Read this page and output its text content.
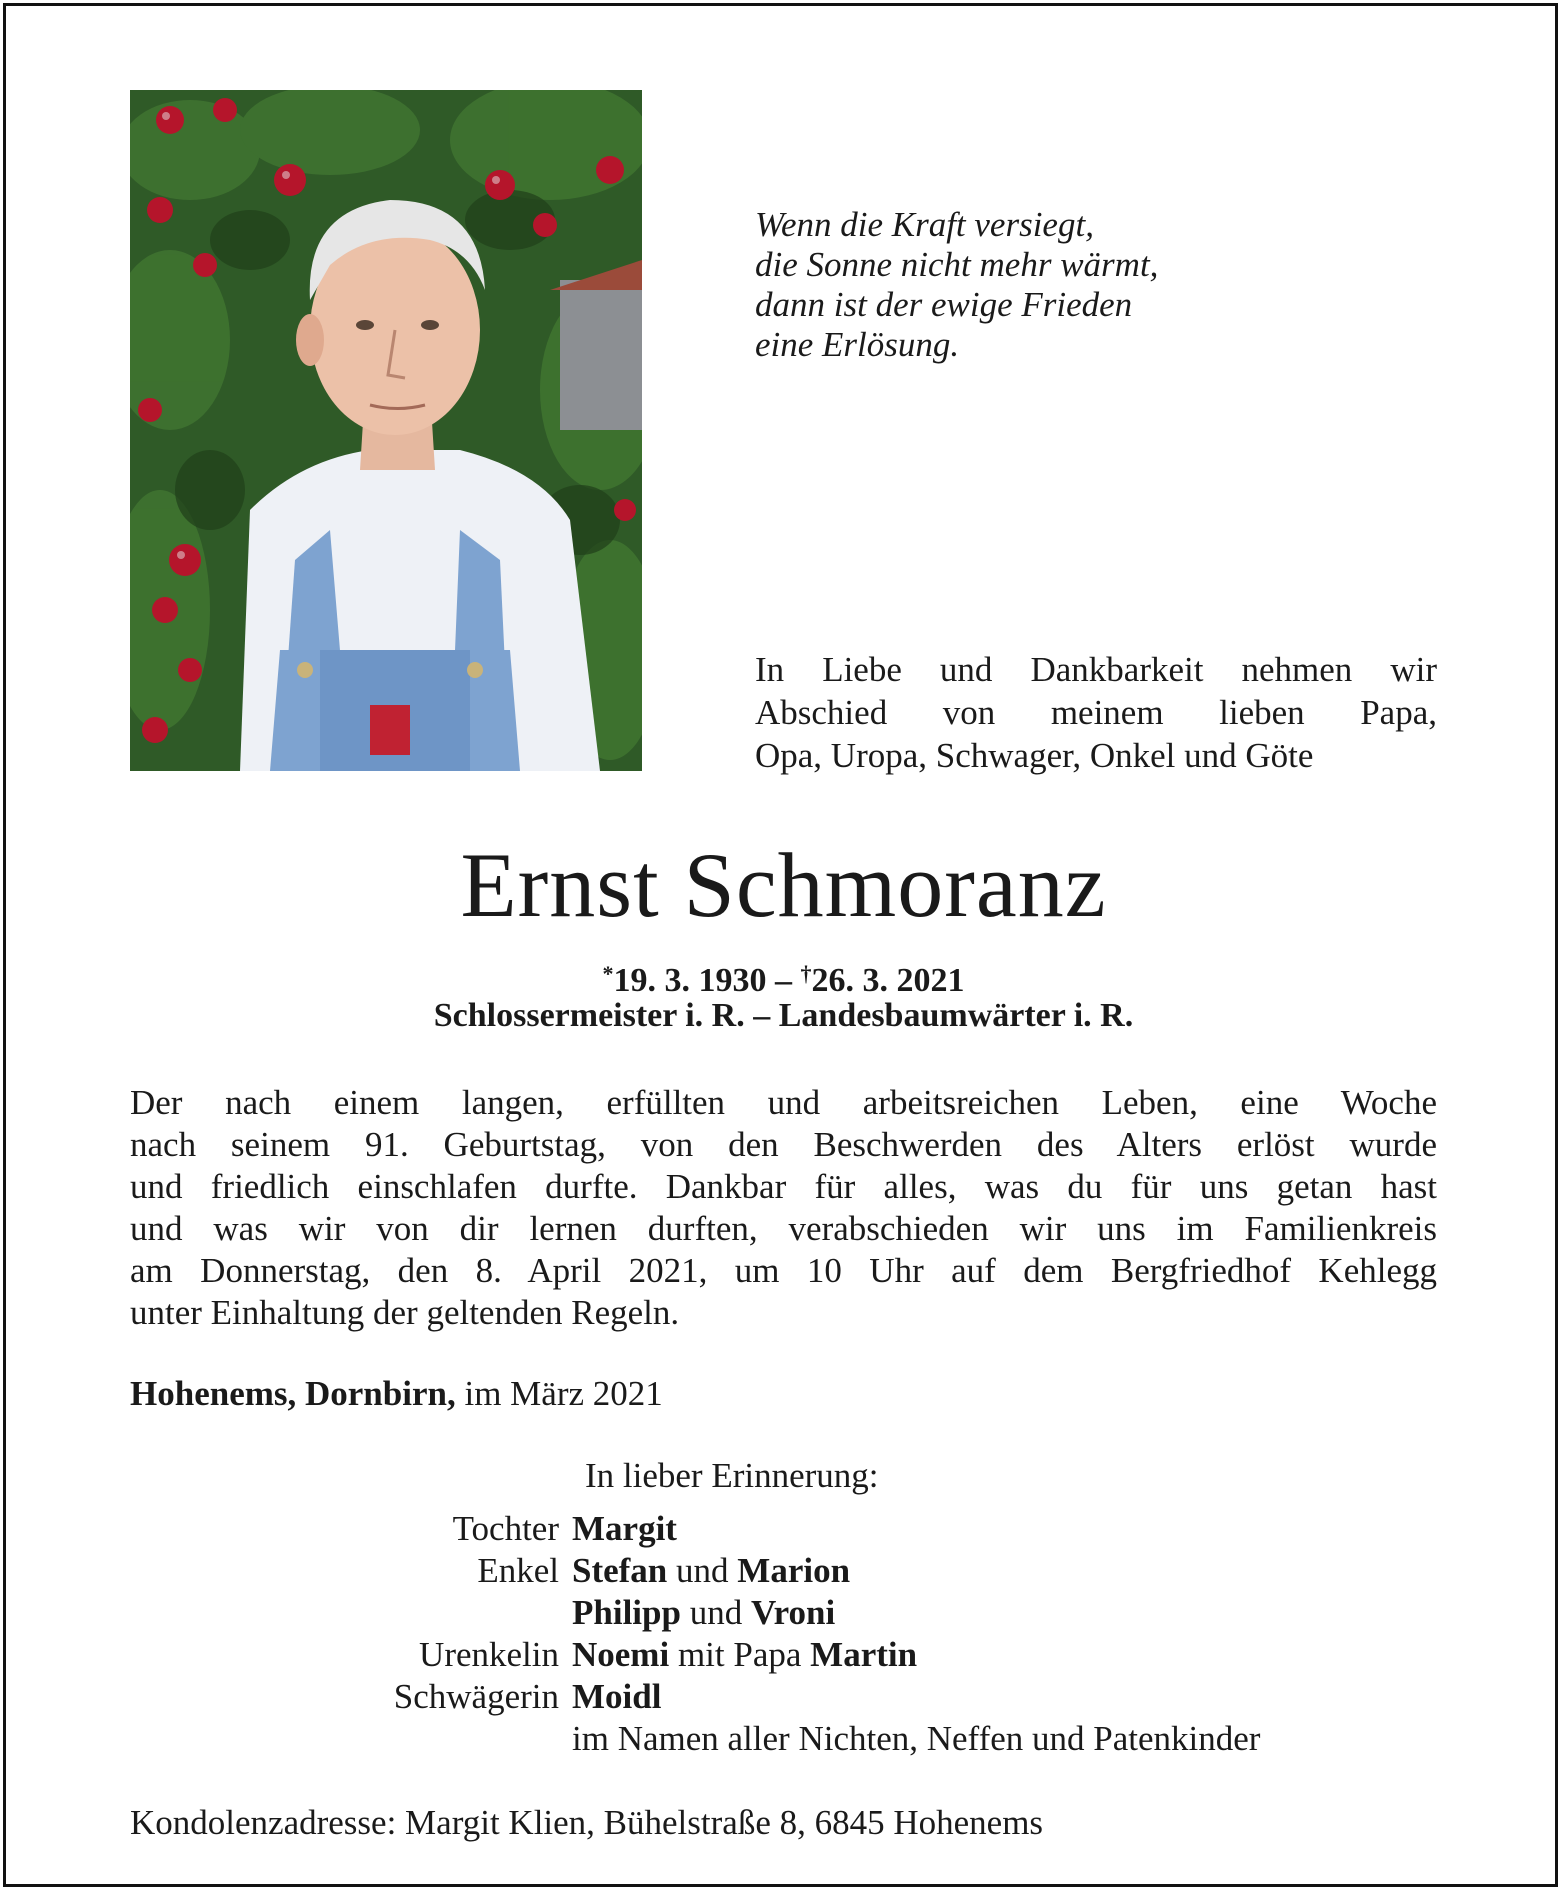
Wenn die Kraft versiegt,
die Sonne nicht mehr wärmt,
dann ist der ewige Frieden
eine Erlösung.
In Liebe und Dankbarkeit nehmen wir
Abschied von meinem lieben Papa,
Opa, Uropa, Schwager, Onkel und Göte
Ernst Schmoranz
*19. 3. 1930 – †26. 3. 2021
Schlossermeister i. R. – Landesbaumwärter i. R.
Der nach einem langen, erfüllten und arbeitsreichen Leben, eine Woche
nach seinem 91. Geburtstag, von den Beschwerden des Alters erlöst wurde
und friedlich einschlafen durfte. Dankbar für alles, was du für uns getan hast
und was wir von dir lernen durften, verabschieden wir uns im Familienkreis
am Donnerstag, den 8. April 2021, um 10 Uhr auf dem Bergfriedhof Kehlegg
unter Einhaltung der geltenden Regeln.
Hohenems, Dornbirn, im März 2021
In lieber Erinnerung:
Tochter Margit
Enkel Stefan und Marion
Philipp und Vroni
Urenkelin Noemi mit Papa Martin
Schwägerin Moidl
im Namen aller Nichten, Neffen und Patenkinder
Kondolenzadresse: Margit Klien, Bühelstraße 8, 6845 Hohenems
